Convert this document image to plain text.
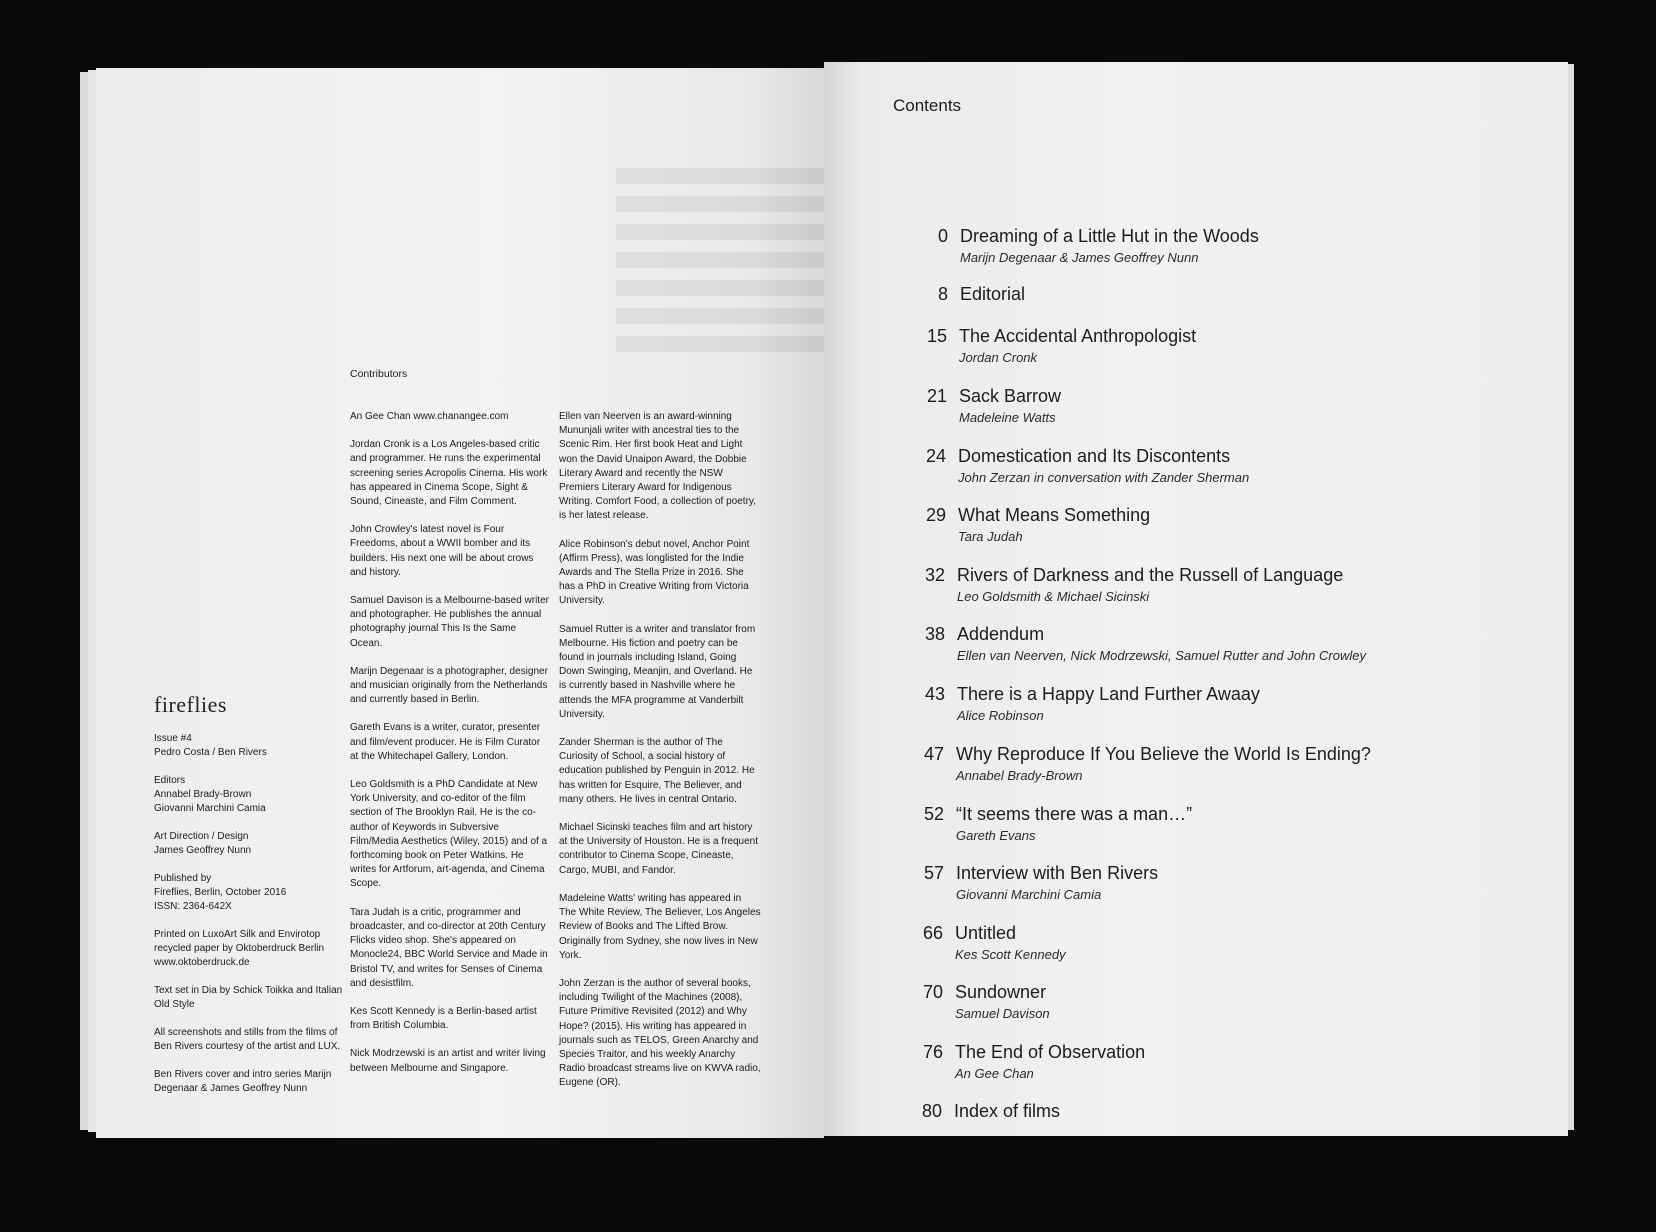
Contributors

An Gee Chan www.chanangee.com

Jordan Cronk is a Los Angeles-based critic and programmer. He runs the experimental screening series Acropolis Cinema. His work has appeared in Cinema Scope, Sight & Sound, Cineaste, and Film Comment.

John Crowley's latest novel is Four Freedoms, about a WWII bomber and its builders. His next one will be about crows and history.

Samuel Davison is a Melbourne-based writer and photographer. He publishes the annual photography journal This Is the Same Ocean.

Marijn Degenaar is a photographer, designer and musician originally from the Netherlands and currently based in Berlin.

Gareth Evans is a writer, curator, presenter and film/event producer. He is Film Curator at the Whitechapel Gallery, London.

Leo Goldsmith is a PhD Candidate at New York University, and co-editor of the film section of The Brooklyn Rail. He is the co-author of Keywords in Subversive Film/Media Aesthetics (Wiley, 2015) and of a forthcoming book on Peter Watkins. He writes for Artforum, art-agenda, and Cinema Scope.

Tara Judah is a critic, programmer and broadcaster, and co-director at 20th Century Flicks video shop. She's appeared on Monocle24, BBC World Service and Made in Bristol TV, and writes for Senses of Cinema and desistfilm.

Kes Scott Kennedy is a Berlin-based artist from British Columbia.

Nick Modrzewski is an artist and writer living between Melbourne and Singapore.

Ellen van Neerven is an award-winning Mununjali writer with ancestral ties to the Scenic Rim. Her first book Heat and Light won the David Unaipon Award, the Dobbie Literary Award and recently the NSW Premiers Literary Award for Indigenous Writing. Comfort Food, a collection of poetry, is her latest release.

Alice Robinson's debut novel, Anchor Point (Affirm Press), was longlisted for the Indie Awards and The Stella Prize in 2016. She has a PhD in Creative Writing from Victoria University.

Samuel Rutter is a writer and translator from Melbourne. His fiction and poetry can be found in journals including Island, Going Down Swinging, Meanjin, and Overland. He is currently based in Nashville where he attends the MFA programme at Vanderbilt University.

Zander Sherman is the author of The Curiosity of School, a social history of education published by Penguin in 2012. He has written for Esquire, The Believer, and many others. He lives in central Ontario.

Michael Sicinski teaches film and art history at the University of Houston. He is a frequent contributor to Cinema Scope, Cineaste, Cargo, MUBI, and Fandor.

Madeleine Watts' writing has appeared in The White Review, The Believer, Los Angeles Review of Books and The Lifted Brow. Originally from Sydney, she now lives in New York.

John Zerzan is the author of several books, including Twilight of the Machines (2008), Future Primitive Revisited (2012) and Why Hope? (2015). His writing has appeared in journals such as TELOS, Green Anarchy and Species Traitor, and his weekly Anarchy Radio broadcast streams live on KWVA radio, Eugene (OR).

fireflies

Issue #4
Pedro Costa / Ben Rivers

Editors
Annabel Brady-Brown
Giovanni Marchini Camia

Art Direction / Design
James Geoffrey Nunn

Published by
Fireflies, Berlin, October 2016
ISSN: 2364-642X

Printed on LuxoArt Silk and Envirotop recycled paper by Oktoberdruck Berlin www.oktoberdruck.de

Text set in Dia by Schick Toikka and Italian Old Style

All screenshots and stills from the films of Ben Rivers courtesy of the artist and LUX.

Ben Rivers cover and intro series Marijn Degenaar & James Geoffrey Nunn

Contents
0 Dreaming of a Little Hut in the Woods
Marijn Degenaar & James Geoffrey Nunn
8 Editorial
15 The Accidental Anthropologist
Jordan Cronk
21 Sack Barrow
Madeleine Watts
24 Domestication and Its Discontents
John Zerzan in conversation with Zander Sherman
29 What Means Something
Tara Judah
32 Rivers of Darkness and the Russell of Language
Leo Goldsmith & Michael Sicinski
38 Addendum
Ellen van Neerven, Nick Modrzewski, Samuel Rutter and John Crowley
43 There is a Happy Land Further Awaay
Alice Robinson
47 Why Reproduce If You Believe the World Is Ending?
Annabel Brady-Brown
52 “It seems there was a man…”
Gareth Evans
57 Interview with Ben Rivers
Giovanni Marchini Camia
66 Untitled
Kes Scott Kennedy
70 Sundowner
Samuel Davison
76 The End of Observation
An Gee Chan
80 Index of films
